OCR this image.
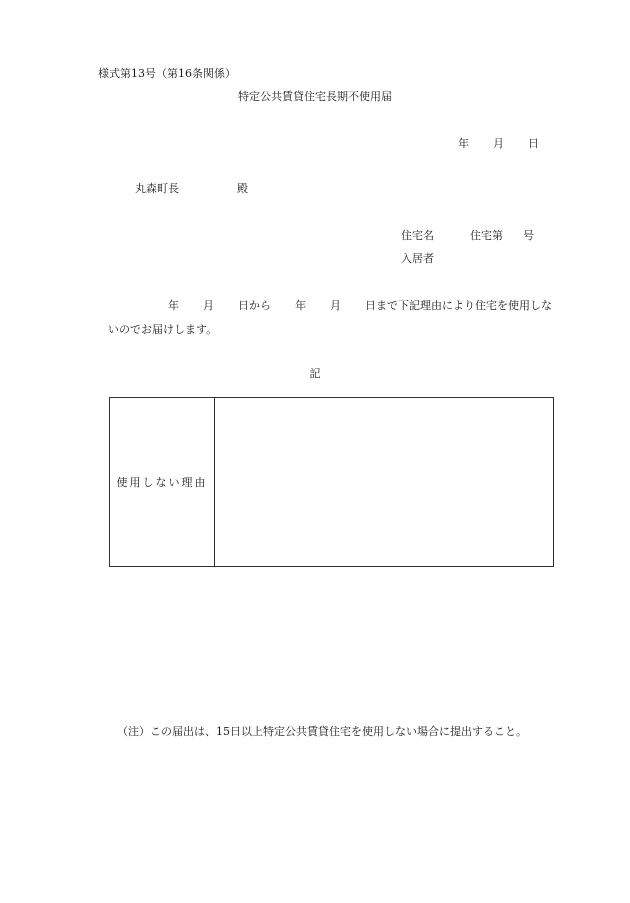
様式第13号（第16条関係）
特定公共賃貸住宅長期不使用届
年 月 日
丸森町長	殿
住宅名	住宅第 号
入居者
年 月 日から 年 月 日まで下記理由により住宅を使用しな
いのでお届けします。
記
使用しない理由	
（注）この届出は、15日以上特定公共賃貸住宅を使用しない場合に提出すること。
